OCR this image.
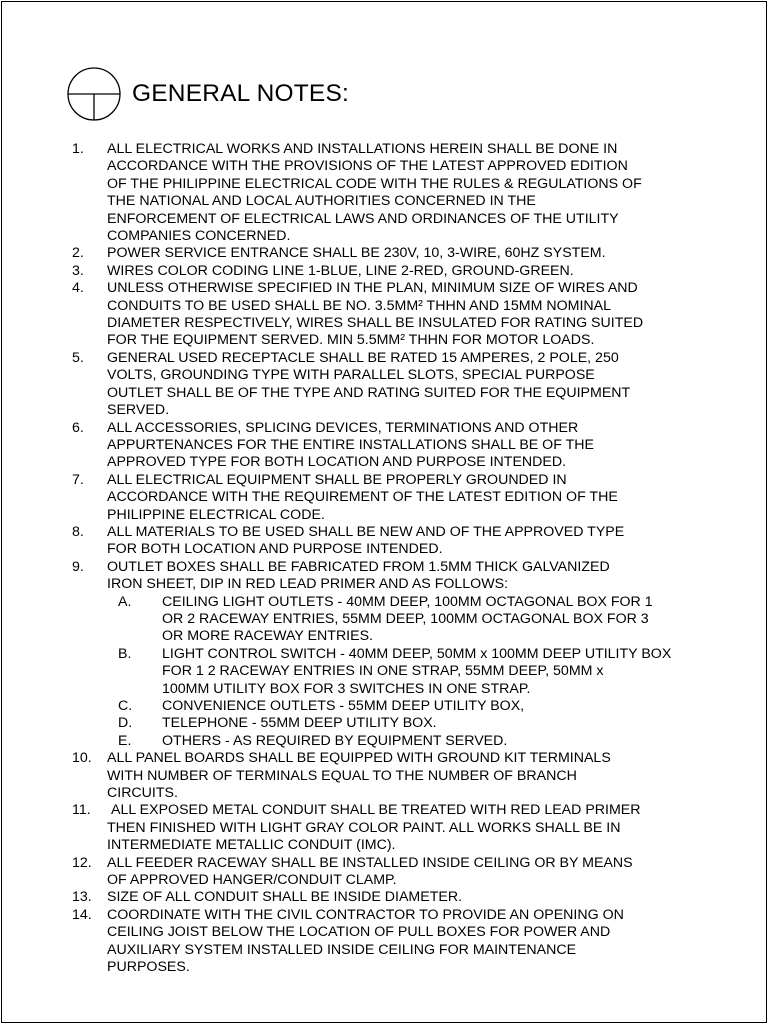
GENERAL NOTES:
1.	ALL ELECTRICAL WORKS AND INSTALLATIONS HEREIN SHALL BE DONE IN
ACCORDANCE WITH THE PROVISIONS OF THE LATEST APPROVED EDITION
OF THE PHILIPPINE ELECTRICAL CODE WITH THE RULES & REGULATIONS OF
THE NATIONAL AND LOCAL AUTHORITIES CONCERNED IN THE
ENFORCEMENT OF ELECTRICAL LAWS AND ORDINANCES OF THE UTILITY
COMPANIES CONCERNED.
2.	POWER SERVICE ENTRANCE SHALL BE 230V, 10, 3-WIRE, 60HZ SYSTEM.
3.	WIRES COLOR CODING LINE 1-BLUE, LINE 2-RED, GROUND-GREEN.
4.	UNLESS OTHERWISE SPECIFIED IN THE PLAN, MINIMUM SIZE OF WIRES AND
CONDUITS TO BE USED SHALL BE NO. 3.5MM² THHN AND 15MM NOMINAL
DIAMETER RESPECTIVELY, WIRES SHALL BE INSULATED FOR RATING SUITED
FOR THE EQUIPMENT SERVED. MIN 5.5MM² THHN FOR MOTOR LOADS.
5.	GENERAL USED RECEPTACLE SHALL BE RATED 15 AMPERES, 2 POLE, 250
VOLTS, GROUNDING TYPE WITH PARALLEL SLOTS, SPECIAL PURPOSE
OUTLET SHALL BE OF THE TYPE AND RATING SUITED FOR THE EQUIPMENT
SERVED.
6.	ALL ACCESSORIES, SPLICING DEVICES, TERMINATIONS AND OTHER
APPURTENANCES FOR THE ENTIRE INSTALLATIONS SHALL BE OF THE
APPROVED TYPE FOR BOTH LOCATION AND PURPOSE INTENDED.
7.	ALL ELECTRICAL EQUIPMENT SHALL BE PROPERLY GROUNDED IN
ACCORDANCE WITH THE REQUIREMENT OF THE LATEST EDITION OF THE
PHILIPPINE ELECTRICAL CODE.
8.	ALL MATERIALS TO BE USED SHALL BE NEW AND OF THE APPROVED TYPE
FOR BOTH LOCATION AND PURPOSE INTENDED.
9.	OUTLET BOXES SHALL BE FABRICATED FROM 1.5MM THICK GALVANIZED
IRON SHEET, DIP IN RED LEAD PRIMER AND AS FOLLOWS:
A.	CEILING LIGHT OUTLETS - 40MM DEEP, 100MM OCTAGONAL BOX FOR 1
OR 2 RACEWAY ENTRIES, 55MM DEEP, 100MM OCTAGONAL BOX FOR 3
OR MORE RACEWAY ENTRIES.
B.	LIGHT CONTROL SWITCH - 40MM DEEP, 50MM x 100MM DEEP UTILITY BOX
FOR 1 2 RACEWAY ENTRIES IN ONE STRAP, 55MM DEEP, 50MM x
100MM UTILITY BOX FOR 3 SWITCHES IN ONE STRAP.
C.	CONVENIENCE OUTLETS - 55MM DEEP UTILITY BOX,
D.	TELEPHONE - 55MM DEEP UTILITY BOX.
E.	OTHERS - AS REQUIRED BY EQUIPMENT SERVED.
10.	ALL PANEL BOARDS SHALL BE EQUIPPED WITH GROUND KIT TERMINALS
WITH NUMBER OF TERMINALS EQUAL TO THE NUMBER OF BRANCH
CIRCUITS.
11.	ALL EXPOSED METAL CONDUIT SHALL BE TREATED WITH RED LEAD PRIMER
THEN FINISHED WITH LIGHT GRAY COLOR PAINT. ALL WORKS SHALL BE IN
INTERMEDIATE METALLIC CONDUIT (IMC).
12.	ALL FEEDER RACEWAY SHALL BE INSTALLED INSIDE CEILING OR BY MEANS
OF APPROVED HANGER/CONDUIT CLAMP.
13.	SIZE OF ALL CONDUIT SHALL BE INSIDE DIAMETER.
14.	COORDINATE WITH THE CIVIL CONTRACTOR TO PROVIDE AN OPENING ON
CEILING JOIST BELOW THE LOCATION OF PULL BOXES FOR POWER AND
AUXILIARY SYSTEM INSTALLED INSIDE CEILING FOR MAINTENANCE
PURPOSES.
